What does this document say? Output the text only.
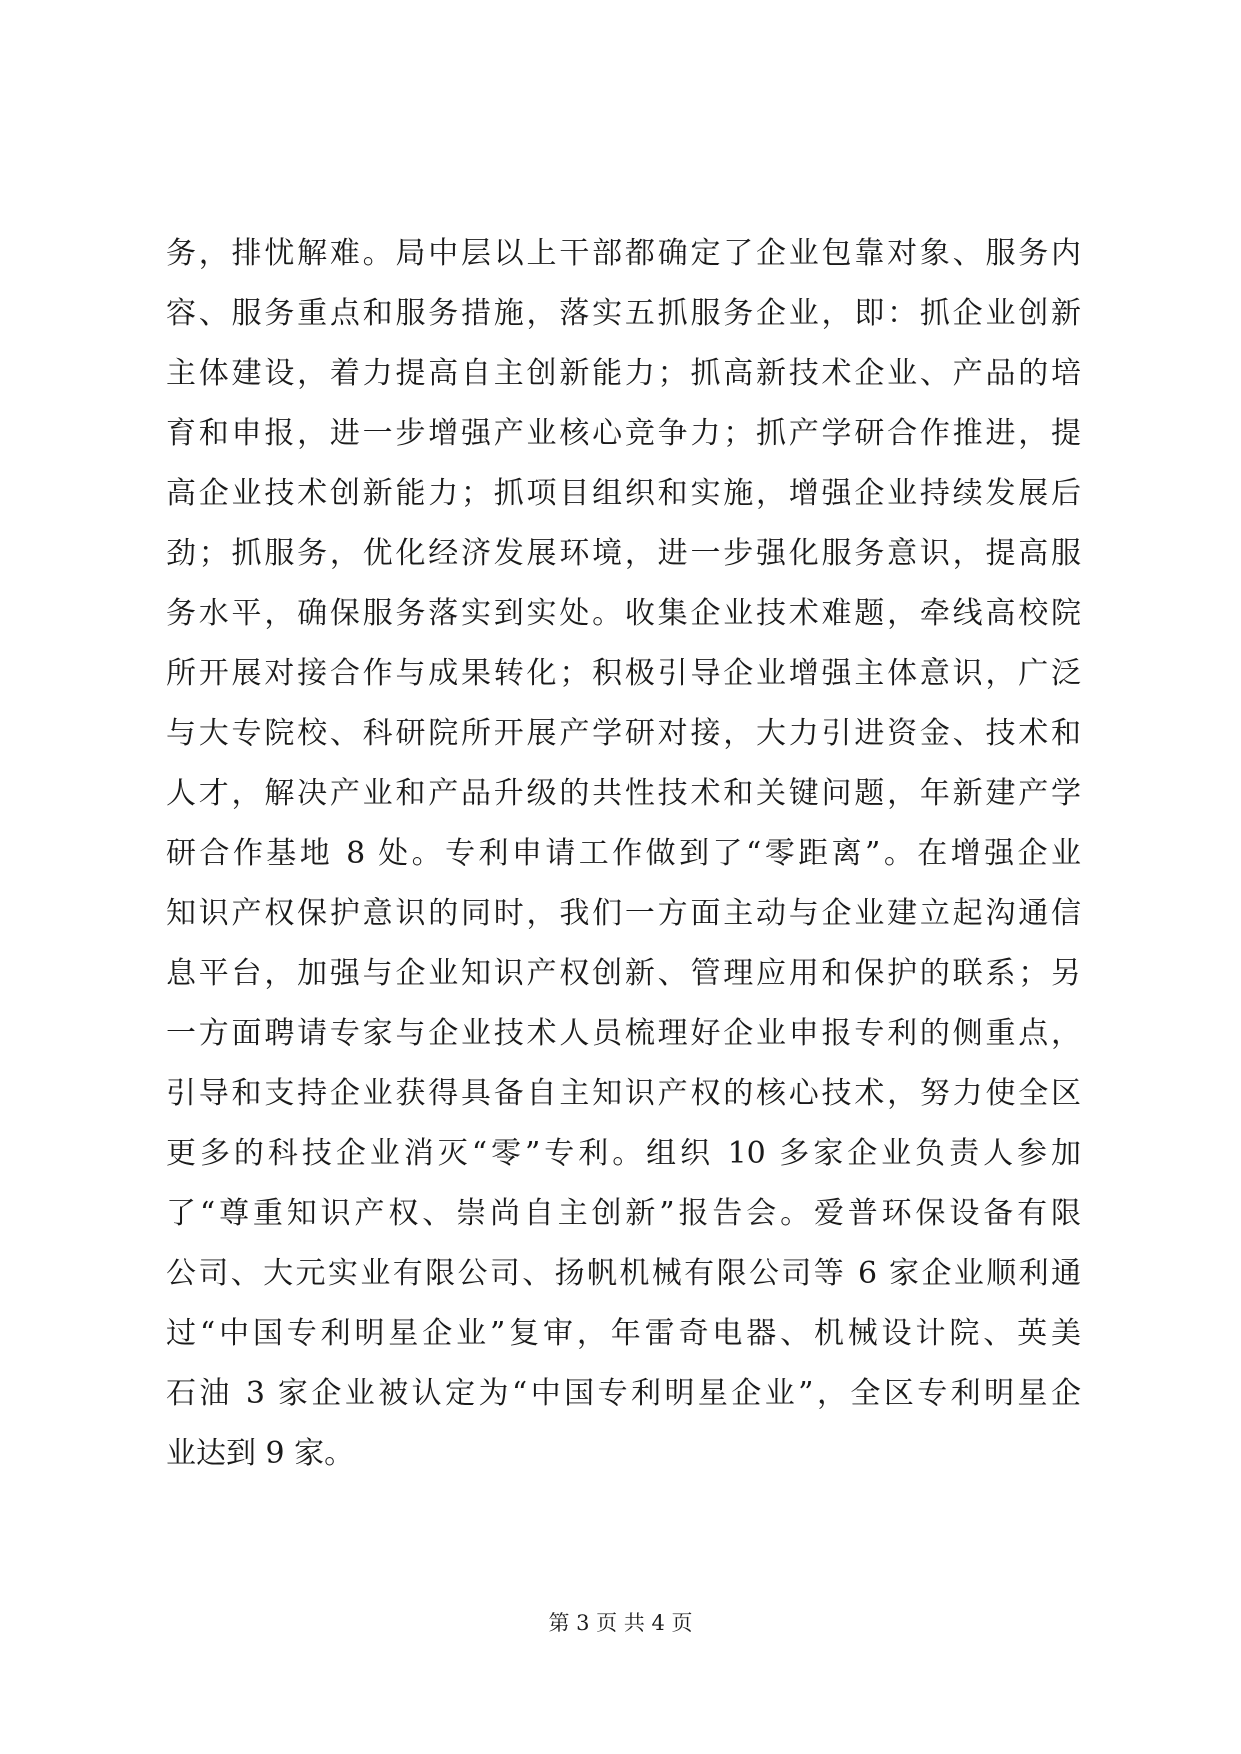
务，排忧解难。局中层以上干部都确定了企业包靠对象、服务内
容、服务重点和服务措施，落实五抓服务企业，即：抓企业创新
主体建设，着力提高自主创新能力；抓高新技术企业、产品的培
育和申报，进一步增强产业核心竞争力；抓产学研合作推进，提
高企业技术创新能力；抓项目组织和实施，增强企业持续发展后
劲；抓服务，优化经济发展环境，进一步强化服务意识，提高服
务水平，确保服务落实到实处。收集企业技术难题，牵线高校院
所开展对接合作与成果转化；积极引导企业增强主体意识，广泛
与大专院校、科研院所开展产学研对接，大力引进资金、技术和
人才，解决产业和产品升级的共性技术和关键问题，年新建产学
研合作基地 8 处。专利申请工作做到了“零距离”。在增强企业
知识产权保护意识的同时，我们一方面主动与企业建立起沟通信
息平台，加强与企业知识产权创新、管理应用和保护的联系；另
一方面聘请专家与企业技术人员梳理好企业申报专利的侧重点，
引导和支持企业获得具备自主知识产权的核心技术，努力使全区
更多的科技企业消灭“零”专利。组织 10 多家企业负责人参加
了“尊重知识产权、崇尚自主创新”报告会。爱普环保设备有限
公司、大元实业有限公司、扬帆机械有限公司等 6 家企业顺利通
过“中国专利明星企业”复审，年雷奇电器、机械设计院、英美
石油 3 家企业被认定为“中国专利明星企业”，全区专利明星企
业达到 9 家。
第 3 页 共 4 页
